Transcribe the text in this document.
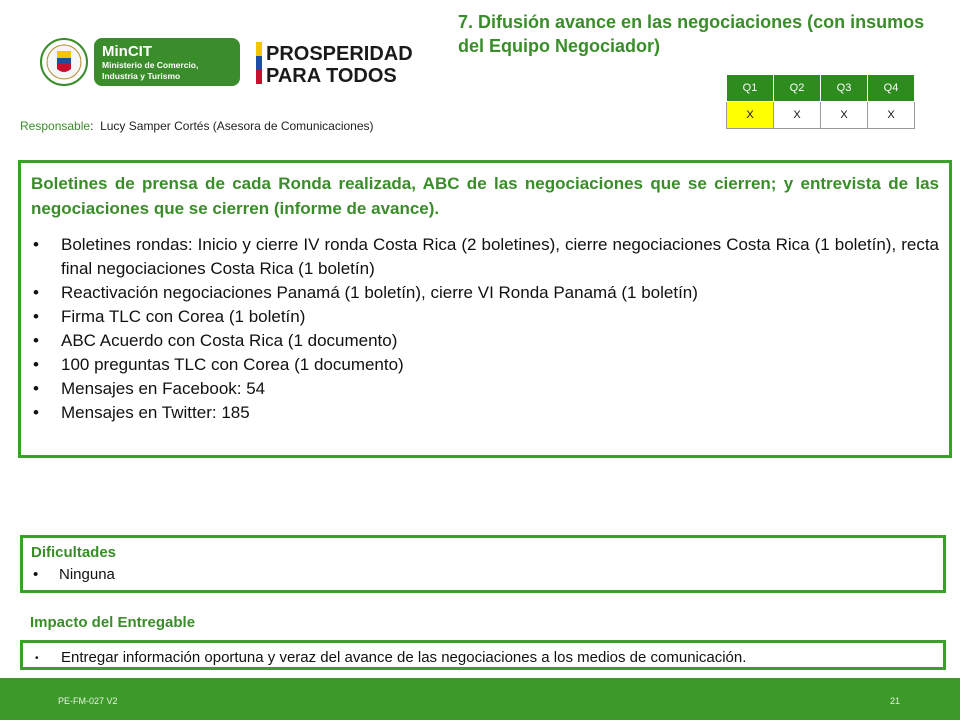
7. Difusión avance en las negociaciones (con insumos del Equipo Negociador)
MinCIT
Ministerio de Comercio,
Industria y Turismo
PROSPERIDAD
PARA TODOS
Responsable:  Lucy Samper Cortés (Asesora de Comunicaciones)
Q1	Q2	Q3	Q4
X	X	X	X
Boletines de prensa de cada Ronda realizada, ABC de las negociaciones que se cierren; y entrevista de las negociaciones que se cierren (informe de avance).
• Boletines rondas: Inicio y cierre IV ronda Costa Rica (2 boletines), cierre negociaciones Costa Rica (1 boletín), recta final negociaciones Costa Rica (1 boletín)
• Reactivación negociaciones Panamá (1 boletín), cierre VI Ronda Panamá (1 boletín)
• Firma TLC con Corea (1 boletín)
• ABC Acuerdo con Costa Rica (1 documento)
• 100 preguntas TLC con Corea (1 documento)
• Mensajes en Facebook: 54
• Mensajes en Twitter: 185
Dificultades
• Ninguna
Impacto del Entregable
• Entregar información oportuna y veraz del avance de las negociaciones a los medios de comunicación.
PE-FM-027 V2	21
